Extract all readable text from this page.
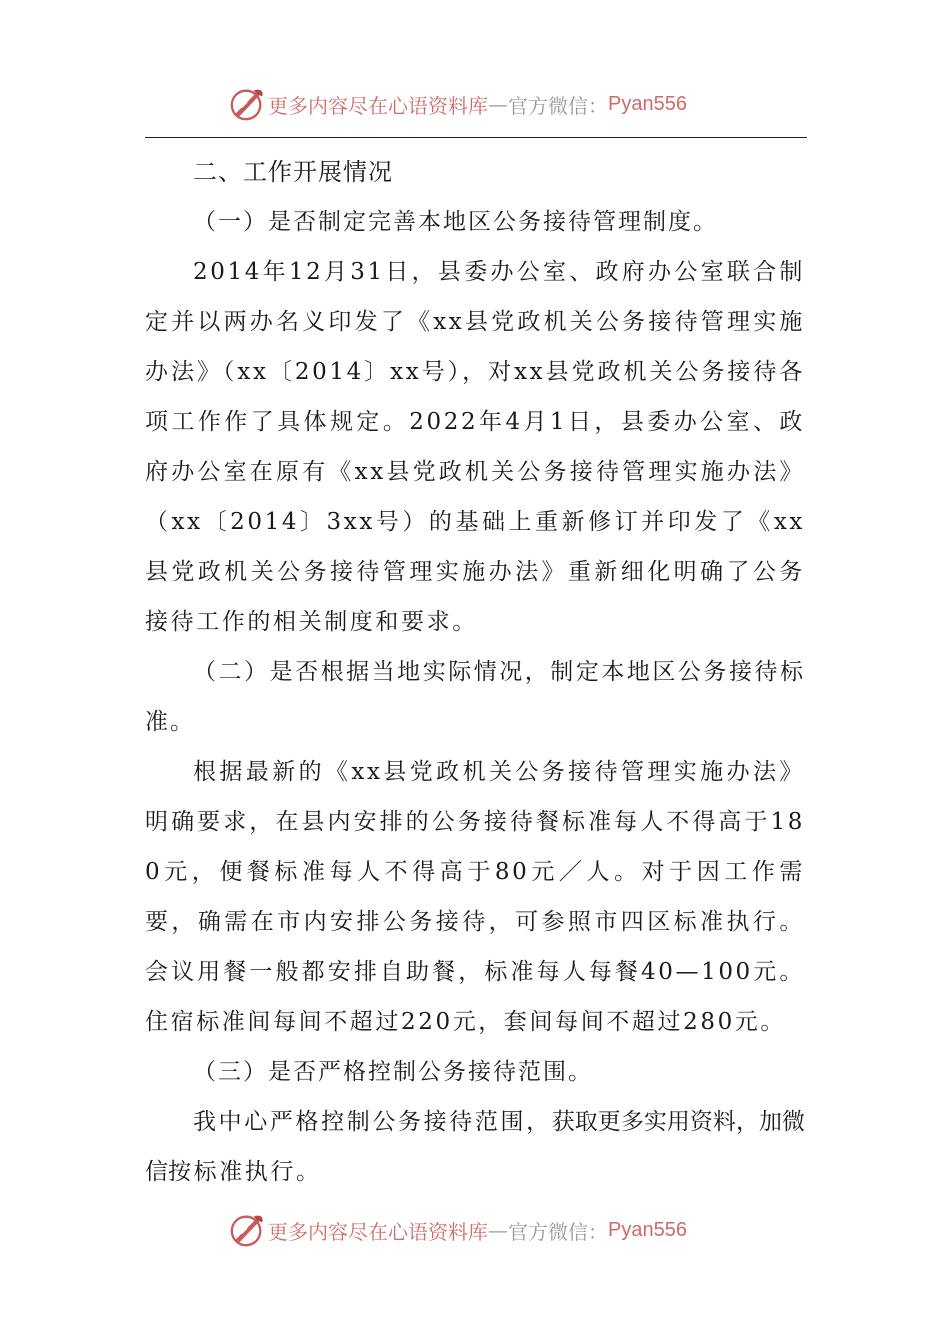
更多内容尽在心语资料库 — 官方微信： Pyan556

二、工作开展情况

（一）是否制定完善本地区公务接待管理制度。

2014年12月31日，县委办公室、政府办公室联合制定并以两办名义印发了《xx县党政机关公务接待管理实施办法》（xx〔2014〕xx号），对xx县党政机关公务接待各项工作作了具体规定。2022年4月1日，县委办公室、政府办公室在原有《xx县党政机关公务接待管理实施办法》（xx〔2014〕3xx号）的基础上重新修订并印发了《xx县党政机关公务接待管理实施办法》重新细化明确了公务接待工作的相关制度和要求。

（二）是否根据当地实际情况，制定本地区公务接待标准。

根据最新的《xx县党政机关公务接待管理实施办法》明确要求，在县内安排的公务接待餐标准每人不得高于180元，便餐标准每人不得高于80元／人。对于因工作需要，确需在市内安排公务接待，可参照市四区标准执行。会议用餐一般都安排自助餐，标准每人每餐40—100元。住宿标准间每间不超过220元，套间每间不超过280元。

（三）是否严格控制公务接待范围。

我中心严格控制公务接待范围，获取更多实用资料，加微信按标准执行。

更多内容尽在心语资料库 — 官方微信： Pyan556
